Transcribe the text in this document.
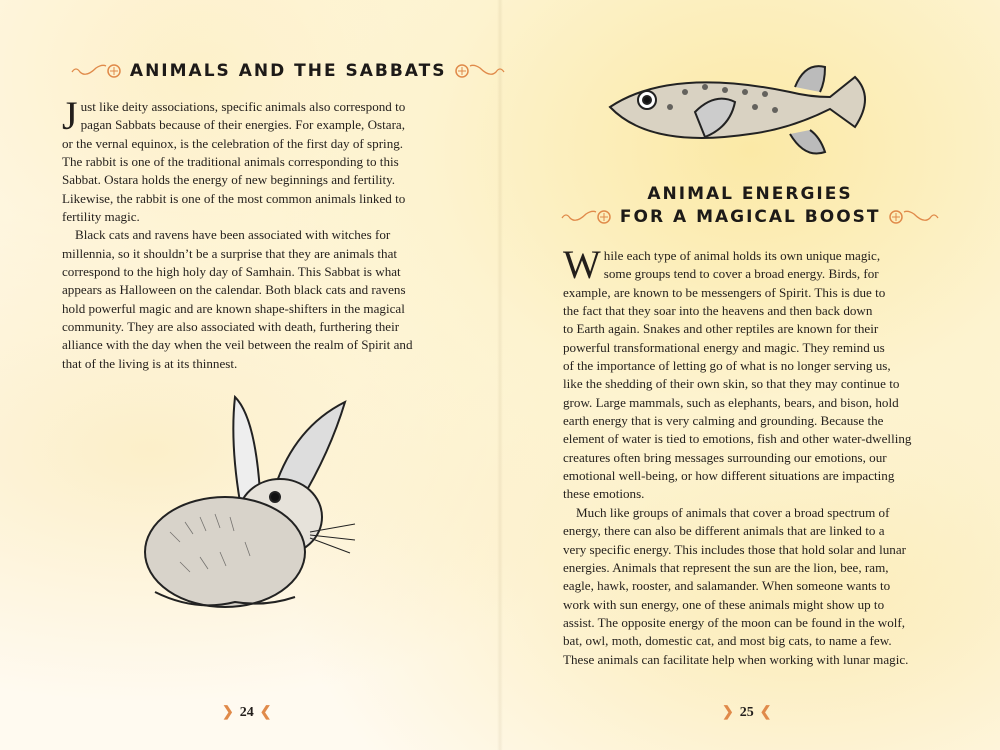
ANIMALS AND THE SABBATS
J ust like deity associations, specific animals also correspond to
pagan Sabbats because of their energies. For example, Ostara,
or the vernal equinox, is the celebration of the first day of spring.
The rabbit is one of the traditional animals corresponding to this
Sabbat. Ostara holds the energy of new beginnings and fertility.
Likewise, the rabbit is one of the most common animals linked to
fertility magic.
Black cats and ravens have been associated with witches for
millennia, so it shouldn’t be a surprise that they are animals that
correspond to the high holy day of Samhain. This Sabbat is what
appears as Halloween on the calendar. Both black cats and ravens
hold powerful magic and are known shape-shifters in the magical
community. They are also associated with death, furthering their
alliance with the day when the veil between the realm of Spirit and
that of the living is at its thinnest.
❯ 24 ❮
ANIMAL ENERGIES
FOR A MAGICAL BOOST
W hile each type of animal holds its own unique magic,
some groups tend to cover a broad energy. Birds, for
example, are known to be messengers of Spirit. This is due to
the fact that they soar into the heavens and then back down
to Earth again. Snakes and other reptiles are known for their
powerful transformational energy and magic. They remind us
of the importance of letting go of what is no longer serving us,
like the shedding of their own skin, so that they may continue to
grow. Large mammals, such as elephants, bears, and bison, hold
earth energy that is very calming and grounding. Because the
element of water is tied to emotions, fish and other water-dwelling
creatures often bring messages surrounding our emotions, our
emotional well-being, or how different situations are impacting
these emotions.
Much like groups of animals that cover a broad spectrum of
energy, there can also be different animals that are linked to a
very specific energy. This includes those that hold solar and lunar
energies. Animals that represent the sun are the lion, bee, ram,
eagle, hawk, rooster, and salamander. When someone wants to
work with sun energy, one of these animals might show up to
assist. The opposite energy of the moon can be found in the wolf,
bat, owl, moth, domestic cat, and most big cats, to name a few.
These animals can facilitate help when working with lunar magic.
❯ 25 ❮
